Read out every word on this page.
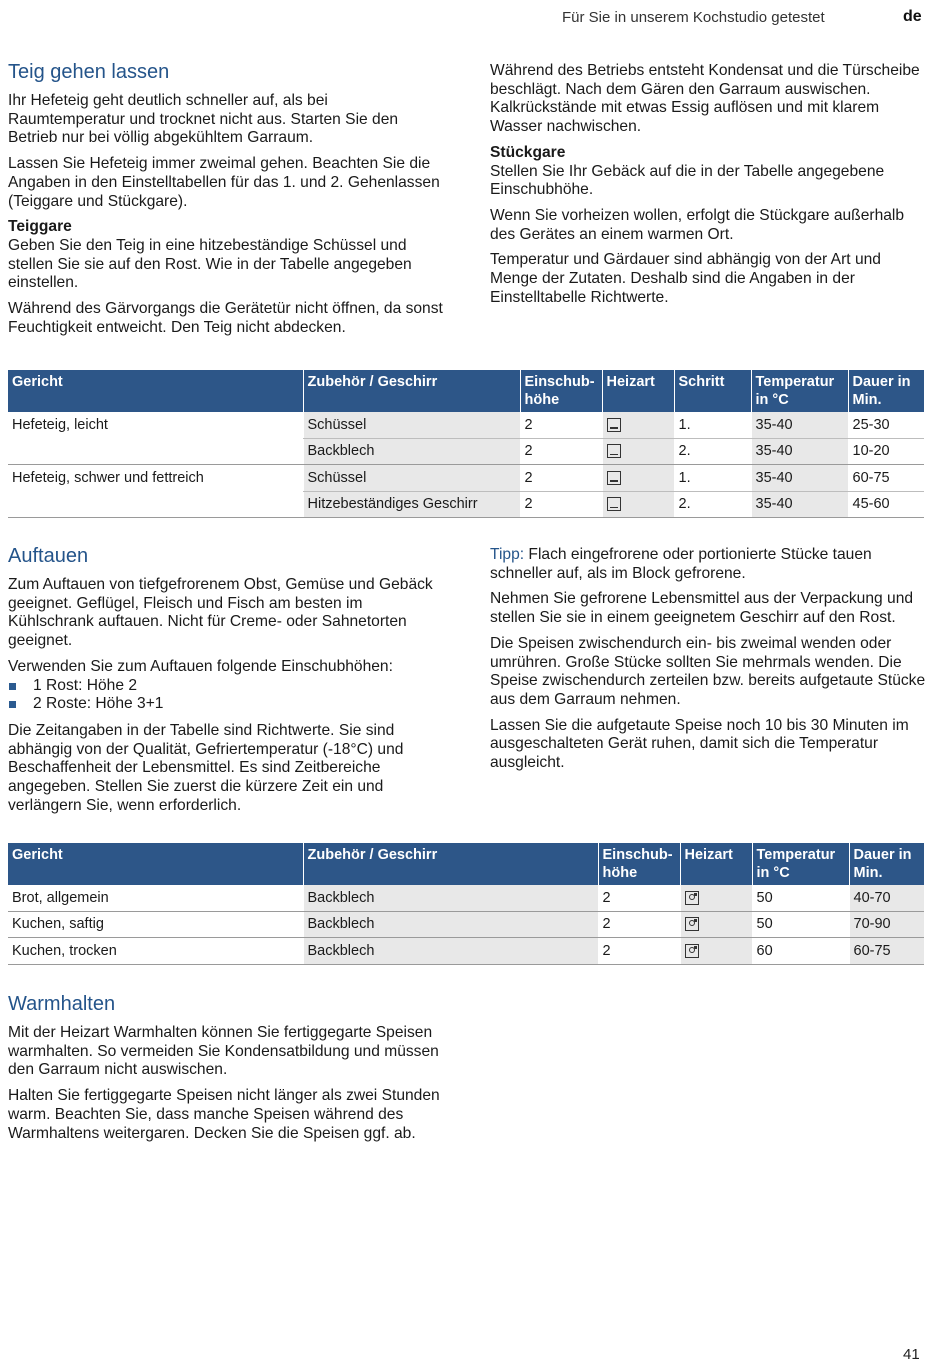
Für Sie in unserem Kochstudio getestet	de
Teig gehen lassen

Ihr Hefeteig geht deutlich schneller auf, als bei Raumtemperatur und trocknet nicht aus. Starten Sie den Betrieb nur bei völlig abgekühltem Garraum.

Lassen Sie Hefeteig immer zweimal gehen. Beachten Sie die Angaben in den Einstelltabellen für das 1. und 2. Gehenlassen (Teiggare und Stückgare).

Teiggare
Geben Sie den Teig in eine hitzebeständige Schüssel und stellen Sie sie auf den Rost. Wie in der Tabelle angegeben einstellen.

Während des Gärvorgangs die Gerätetür nicht öffnen, da sonst Feuchtigkeit entweicht. Den Teig nicht abdecken.

Während des Betriebs entsteht Kondensat und die Türscheibe beschlägt. Nach dem Gären den Garraum auswischen. Kalkrückstände mit etwas Essig auflösen und mit klarem Wasser nachwischen.

Stückgare
Stellen Sie Ihr Gebäck auf die in der Tabelle angegebene Einschubhöhe.

Wenn Sie vorheizen wollen, erfolgt die Stückgare außerhalb des Gerätes an einem warmen Ort.

Temperatur und Gärdauer sind abhängig von der Art und Menge der Zutaten. Deshalb sind die Angaben in der Einstelltabelle Richtwerte.

Gericht	Zubehör / Geschirr	Einschub-
höhe	Heizart	Schritt	Temperatur
in °C	Dauer in
Min.
Hefeteig, leicht	Schüssel	2		1.	35-40	25-30
	Backblech	2		2.	35-40	10-20
Hefeteig, schwer und fettreich	Schüssel	2		1.	35-40	60-75
	Hitzebeständiges Geschirr	2		2.	35-40	45-60
Auftauen

Zum Auftauen von tiefgefrorenem Obst, Gemüse und Gebäck geeignet. Geflügel, Fleisch und Fisch am besten im Kühlschrank auftauen. Nicht für Creme- oder Sahnetorten geeignet.

Verwenden Sie zum Auftauen folgende Einschubhöhen:

1 Rost: Höhe 2
2 Roste: Höhe 3+1

Die Zeitangaben in der Tabelle sind Richtwerte. Sie sind abhängig von der Qualität, Gefriertemperatur (-18°C) und Beschaffenheit der Lebensmittel. Es sind Zeitbereiche angegeben. Stellen Sie zuerst die kürzere Zeit ein und verlängern Sie, wenn erforderlich.

Tipp: Flach eingefrorene oder portionierte Stücke tauen schneller auf, als im Block gefrorene.

Nehmen Sie gefrorene Lebensmittel aus der Verpackung und stellen Sie sie in einem geeignetem Geschirr auf den Rost.

Die Speisen zwischendurch ein- bis zweimal wenden oder umrühren. Große Stücke sollten Sie mehrmals wenden. Die Speise zwischendurch zerteilen bzw. bereits aufgetaute Stücke aus dem Garraum nehmen.

Lassen Sie die aufgetaute Speise noch 10 bis 30 Minuten im ausgeschalteten Gerät ruhen, damit sich die Temperatur ausgleicht.

Gericht	Zubehör / Geschirr	Einschub-
höhe	Heizart	Temperatur
in °C	Dauer in
Min.
Brot, allgemein	Backblech	2		50	40-70
Kuchen, saftig	Backblech	2		50	70-90
Kuchen, trocken	Backblech	2		60	60-75
Warmhalten

Mit der Heizart Warmhalten können Sie fertiggegarte Speisen warmhalten. So vermeiden Sie Kondensatbildung und müssen den Garraum nicht auswischen.

Halten Sie fertiggegarte Speisen nicht länger als zwei Stunden warm. Beachten Sie, dass manche Speisen während des Warmhaltens weitergaren. Decken Sie die Speisen ggf. ab.

41
